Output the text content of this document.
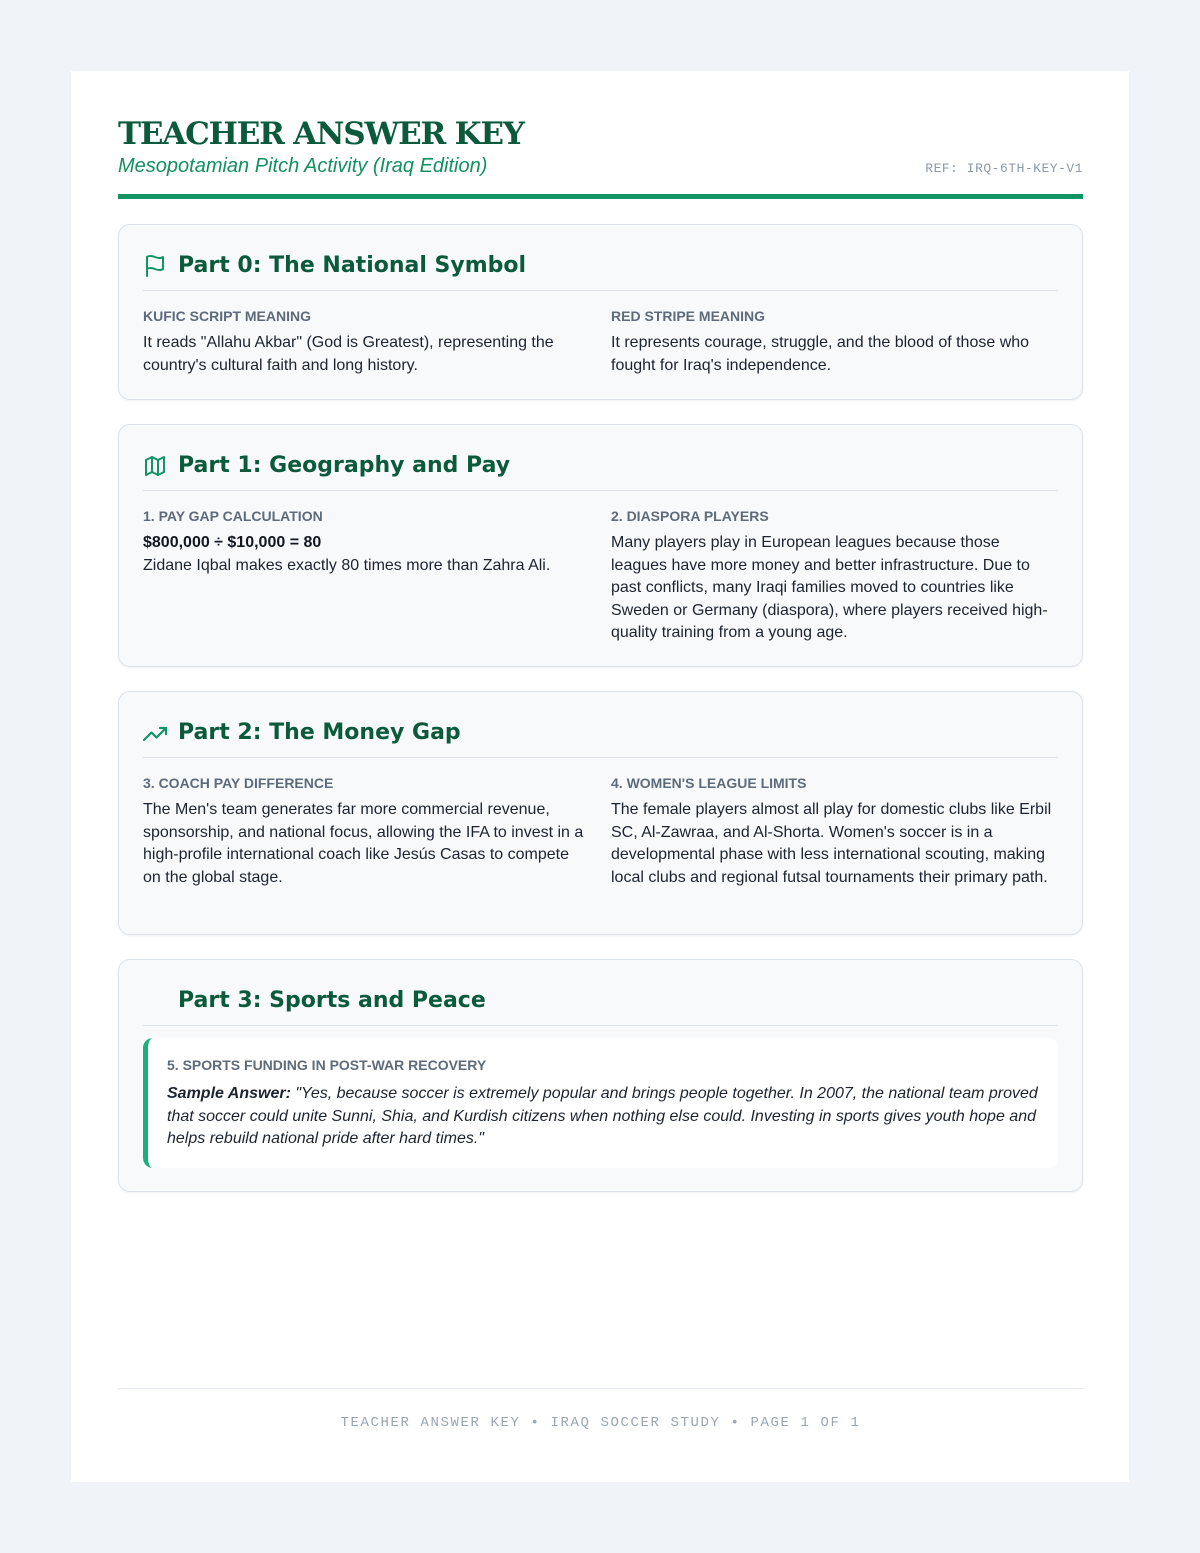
TEACHER ANSWER KEY
Mesopotamian Pitch Activity (Iraq Edition)	REF: IRQ-6TH-KEY-V1
Part 0: The National Symbol
KUFIC SCRIPT MEANING
It reads "Allahu Akbar" (God is Greatest), representing the country's cultural faith and long history.
RED STRIPE MEANING
It represents courage, struggle, and the blood of those who fought for Iraq's independence.
Part 1: Geography and Pay
1. PAY GAP CALCULATION
$800,000 ÷ $10,000 = 80
Zidane Iqbal makes exactly 80 times more than Zahra Ali.
2. DIASPORA PLAYERS
Many players play in European leagues because those leagues have more money and better infrastructure. Due to past conflicts, many Iraqi families moved to countries like Sweden or Germany (diaspora), where players received high-quality training from a young age.
Part 2: The Money Gap
3. COACH PAY DIFFERENCE
The Men's team generates far more commercial revenue, sponsorship, and national focus, allowing the IFA to invest in a high-profile international coach like Jesús Casas to compete on the global stage.
4. WOMEN'S LEAGUE LIMITS
The female players almost all play for domestic clubs like Erbil SC, Al-Zawraa, and Al-Shorta. Women's soccer is in a developmental phase with less international scouting, making local clubs and regional futsal tournaments their primary path.
Part 3: Sports and Peace
5. SPORTS FUNDING IN POST-WAR RECOVERY
Sample Answer: "Yes, because soccer is extremely popular and brings people together. In 2007, the national team proved that soccer could unite Sunni, Shia, and Kurdish citizens when nothing else could. Investing in sports gives youth hope and helps rebuild national pride after hard times."
TEACHER ANSWER KEY • IRAQ SOCCER STUDY • PAGE 1 OF 1
